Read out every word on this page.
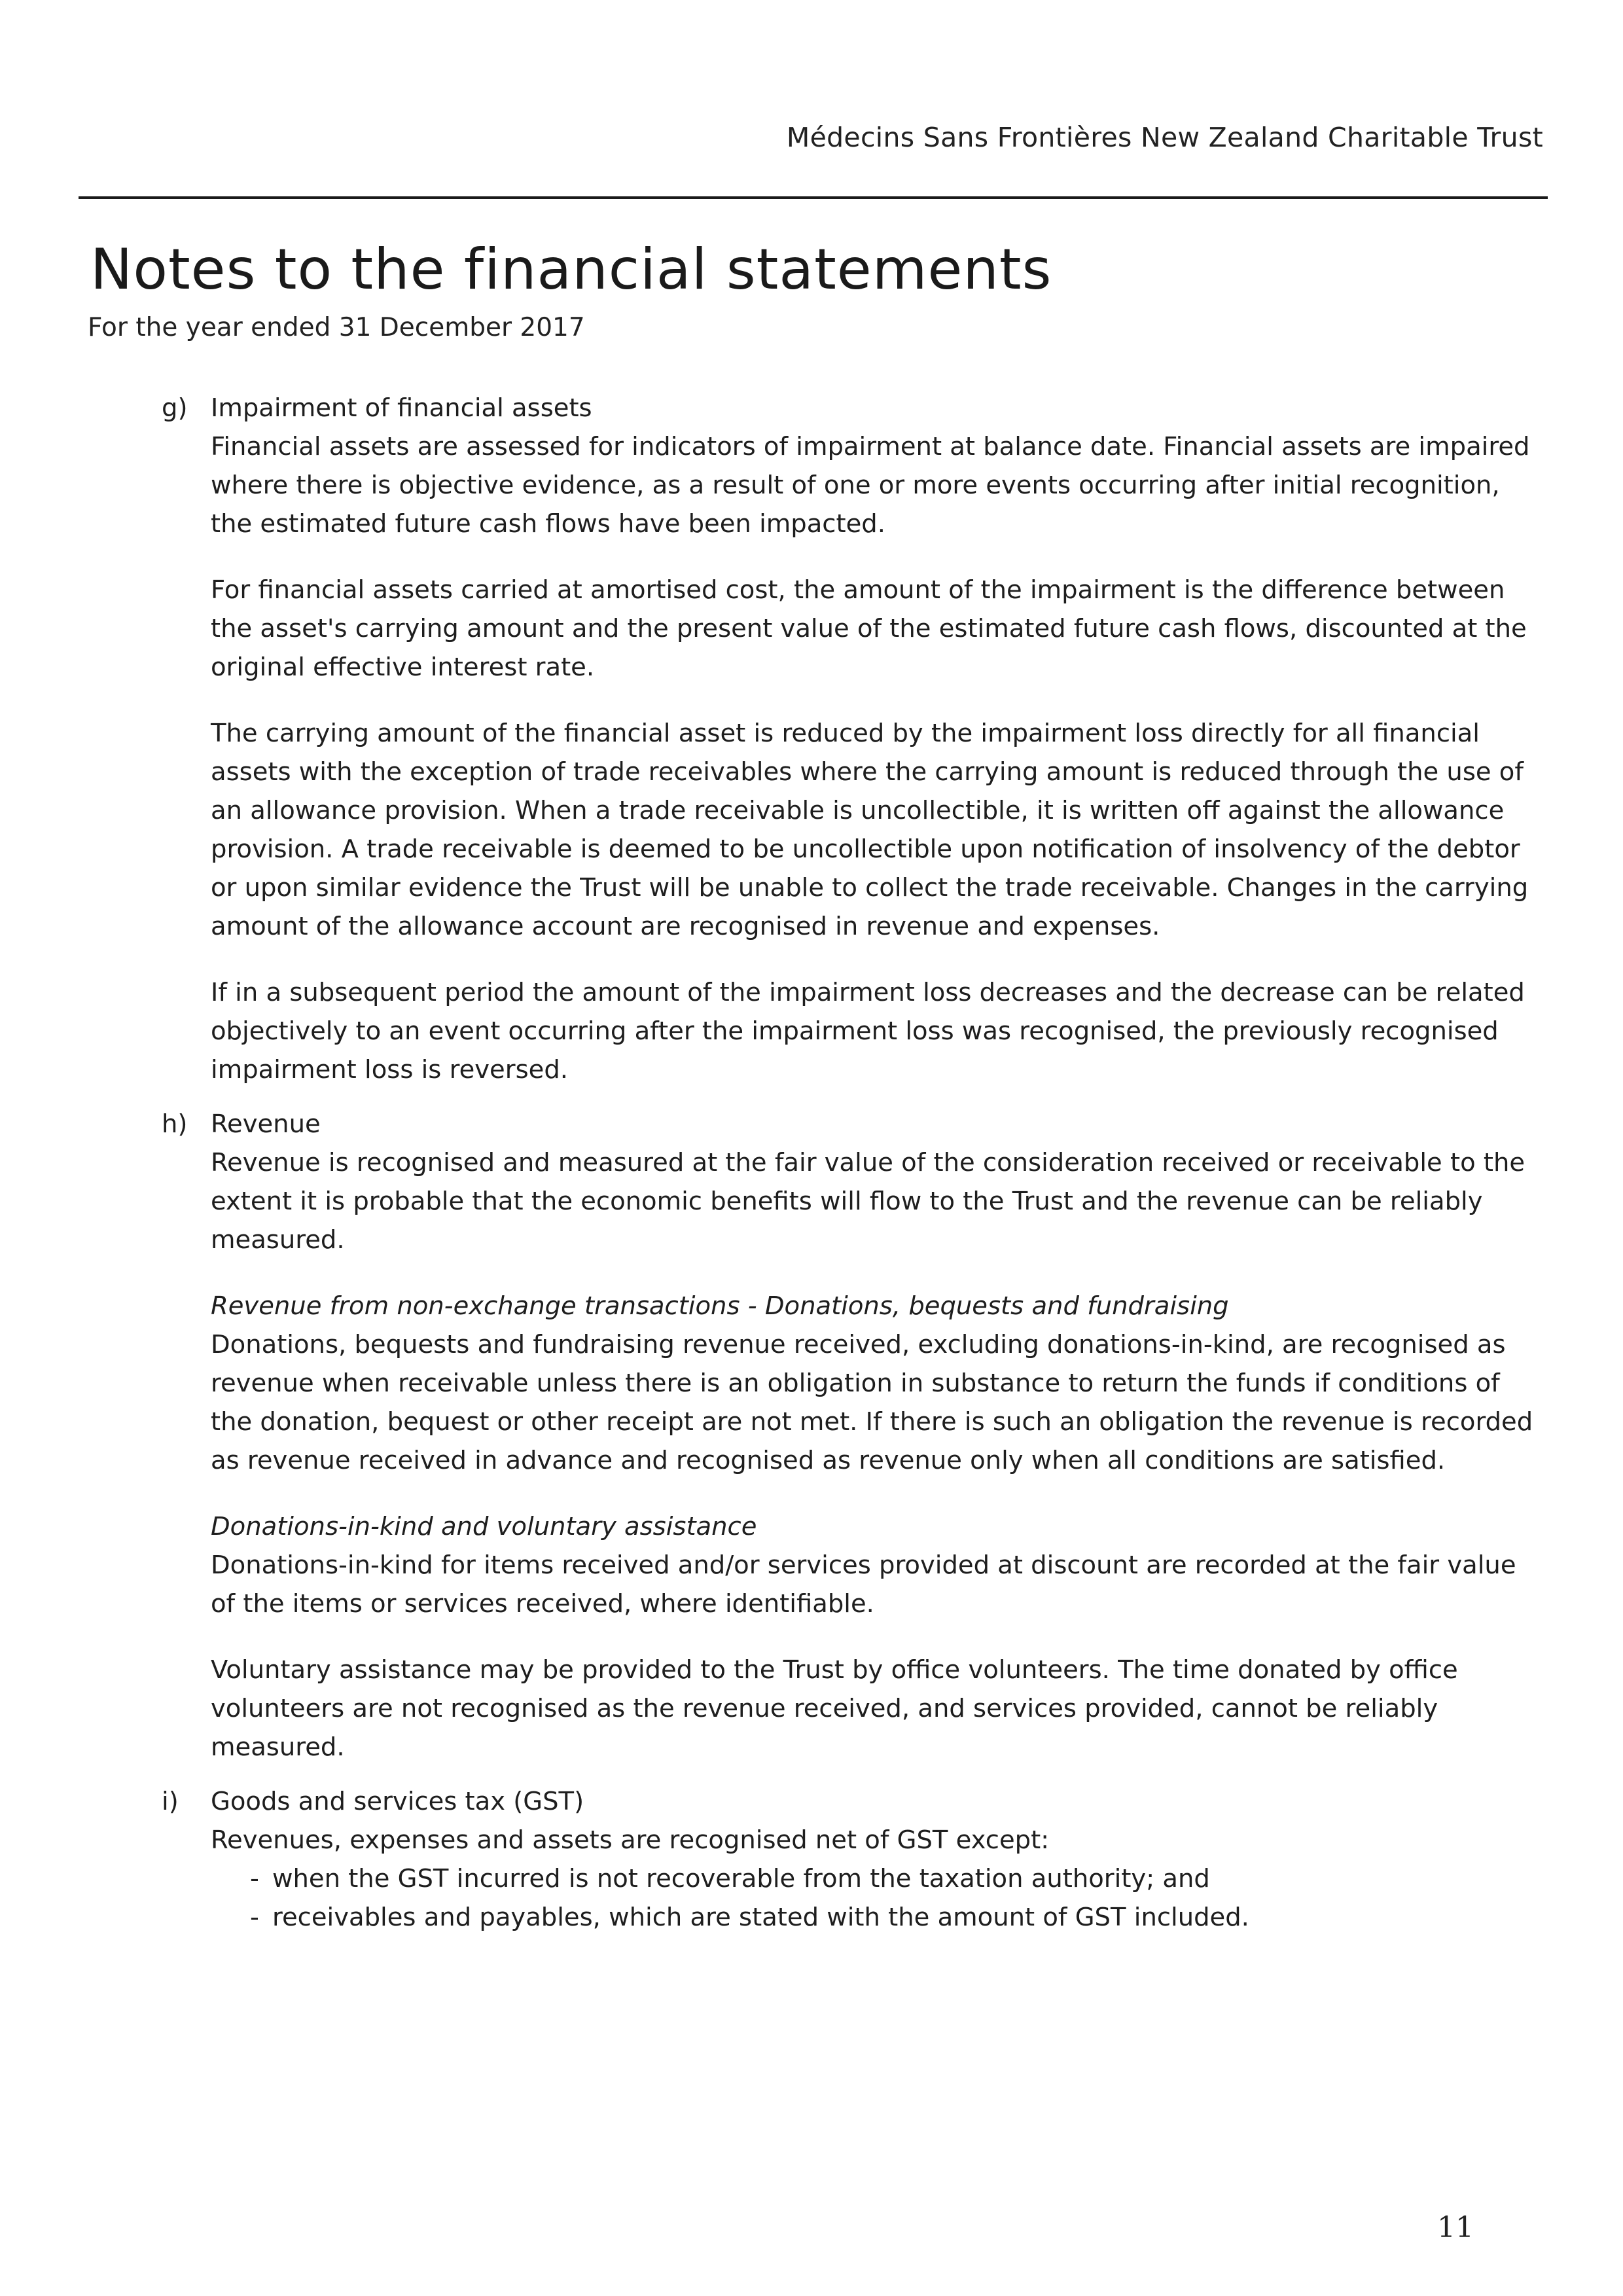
Médecins Sans Frontières New Zealand Charitable Trust
Notes to the financial statements
For the year ended 31 December 2017
g) Impairment of financial assets

Financial assets are assessed for indicators of impairment at balance date. Financial assets are impaired where there is objective evidence, as a result of one or more events occurring after initial recognition, the estimated future cash flows have been impacted.

For financial assets carried at amortised cost, the amount of the impairment is the difference between the asset's carrying amount and the present value of the estimated future cash flows, discounted at the original effective interest rate.

The carrying amount of the financial asset is reduced by the impairment loss directly for all financial assets with the exception of trade receivables where the carrying amount is reduced through the use of an allowance provision. When a trade receivable is uncollectible, it is written off against the allowance provision. A trade receivable is deemed to be uncollectible upon notification of insolvency of the debtor or upon similar evidence the Trust will be unable to collect the trade receivable. Changes in the carrying amount of the allowance account are recognised in revenue and expenses.

If in a subsequent period the amount of the impairment loss decreases and the decrease can be related objectively to an event occurring after the impairment loss was recognised, the previously recognised impairment loss is reversed.

h) Revenue

Revenue is recognised and measured at the fair value of the consideration received or receivable to the extent it is probable that the economic benefits will flow to the Trust and the revenue can be reliably measured.

Revenue from non-exchange transactions - Donations, bequests and fundraising

Donations, bequests and fundraising revenue received, excluding donations-in-kind, are recognised as revenue when receivable unless there is an obligation in substance to return the funds if conditions of the donation, bequest or other receipt are not met. If there is such an obligation the revenue is recorded as revenue received in advance and recognised as revenue only when all conditions are satisfied.

Donations-in-kind and voluntary assistance

Donations-in-kind for items received and/or services provided at discount are recorded at the fair value of the items or services received, where identifiable.

Voluntary assistance may be provided to the Trust by office volunteers. The time donated by office volunteers are not recognised as the revenue received, and services provided, cannot be reliably measured.

i) Goods and services tax (GST)

Revenues, expenses and assets are recognised net of GST except:

- when the GST incurred is not recoverable from the taxation authority; and
- receivables and payables, which are stated with the amount of GST included.
11
